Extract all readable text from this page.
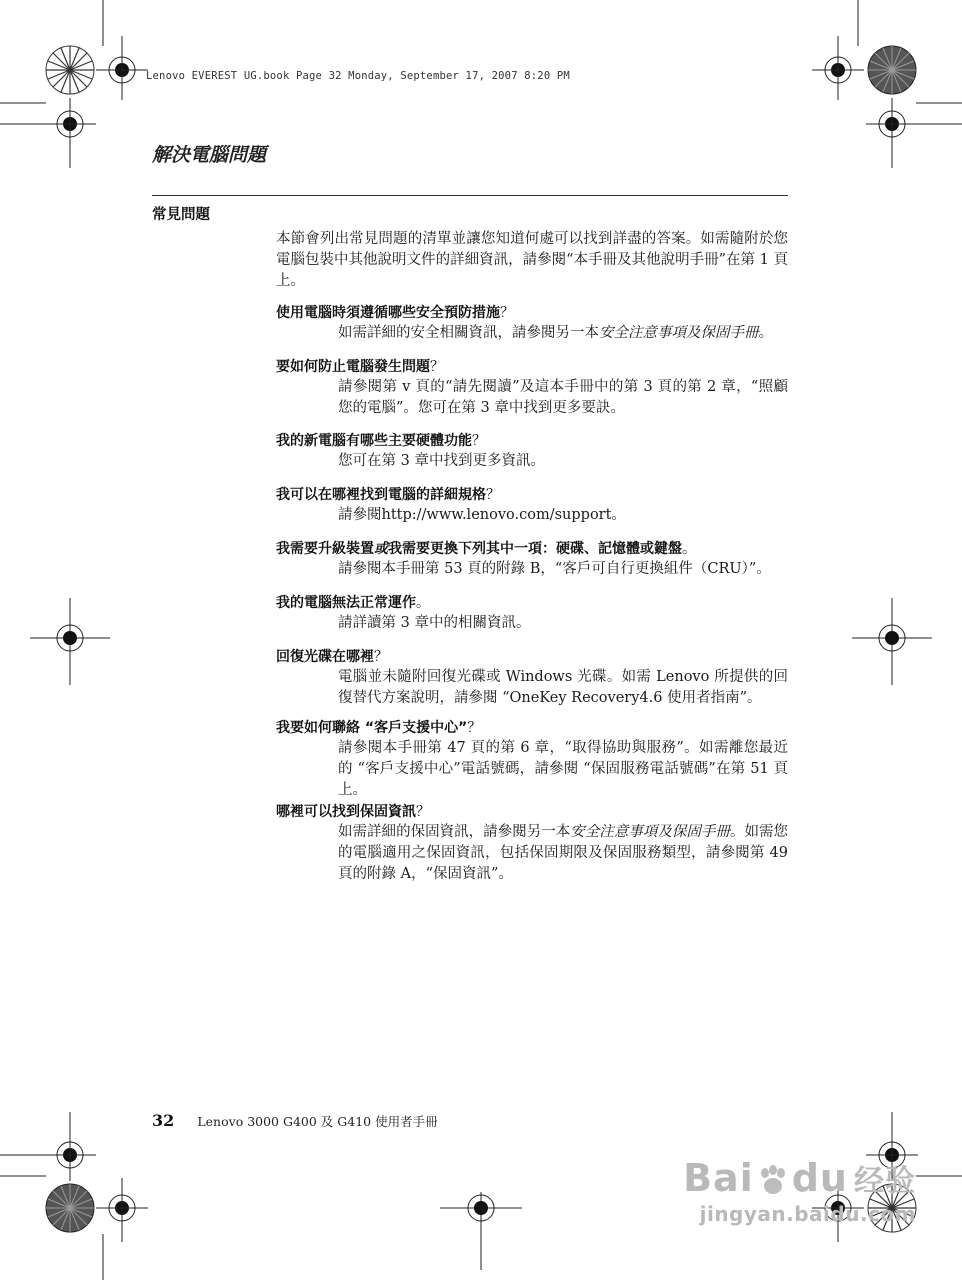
Lenovo EVEREST UG.book Page 32 Monday, September 17, 2007 8:20 PM
解決電腦問題
常見問題
本節會列出常見問題的清單並讓您知道何處可以找到詳盡的答案。如需隨附於您電腦包裝中其他說明文件的詳細資訊，請參閱“本手冊及其他說明手冊”在第 1 頁上。
使用電腦時須遵循哪些安全預防措施？
如需詳細的安全相關資訊，請參閱另一本安全注意事項及保固手冊。
要如何防止電腦發生問題？
請參閱第 v 頁的“請先閱讀”及這本手冊中的第 3 頁的第 2 章，“照顧您的電腦”。您可在第 3 章中找到更多要訣。
我的新電腦有哪些主要硬體功能？
您可在第 3 章中找到更多資訊。
我可以在哪裡找到電腦的詳細規格？
請參閱http://www.lenovo.com/support。
我需要升級裝置或我需要更換下列其中一項：硬碟、記憶體或鍵盤。
請參閱本手冊第 53 頁的附錄 B，“客戶可自行更換組件（CRU）”。
我的電腦無法正常運作。
請詳讀第 3 章中的相關資訊。
回復光碟在哪裡？
電腦並未隨附回復光碟或 Windows 光碟。如需 Lenovo 所提供的回復替代方案說明，請參閱 “OneKey Recovery4.6 使用者指南”。
我要如何聯絡 “客戶支援中心”？
請參閱本手冊第 47 頁的第 6 章，“取得協助與服務”。如需離您最近的 “客戶支援中心”電話號碼，請參閱 “保固服務電話號碼”在第 51 頁上。
哪裡可以找到保固資訊？
如需詳細的保固資訊，請參閱另一本安全注意事項及保固手冊。如需您的電腦適用之保固資訊，包括保固期限及保固服務類型，請參閱第 49 頁的附錄 A，“保固資訊”。
32 Lenovo 3000 G400 及 G410 使用者手冊
Bai du 经验
jingyan.baidu.com
